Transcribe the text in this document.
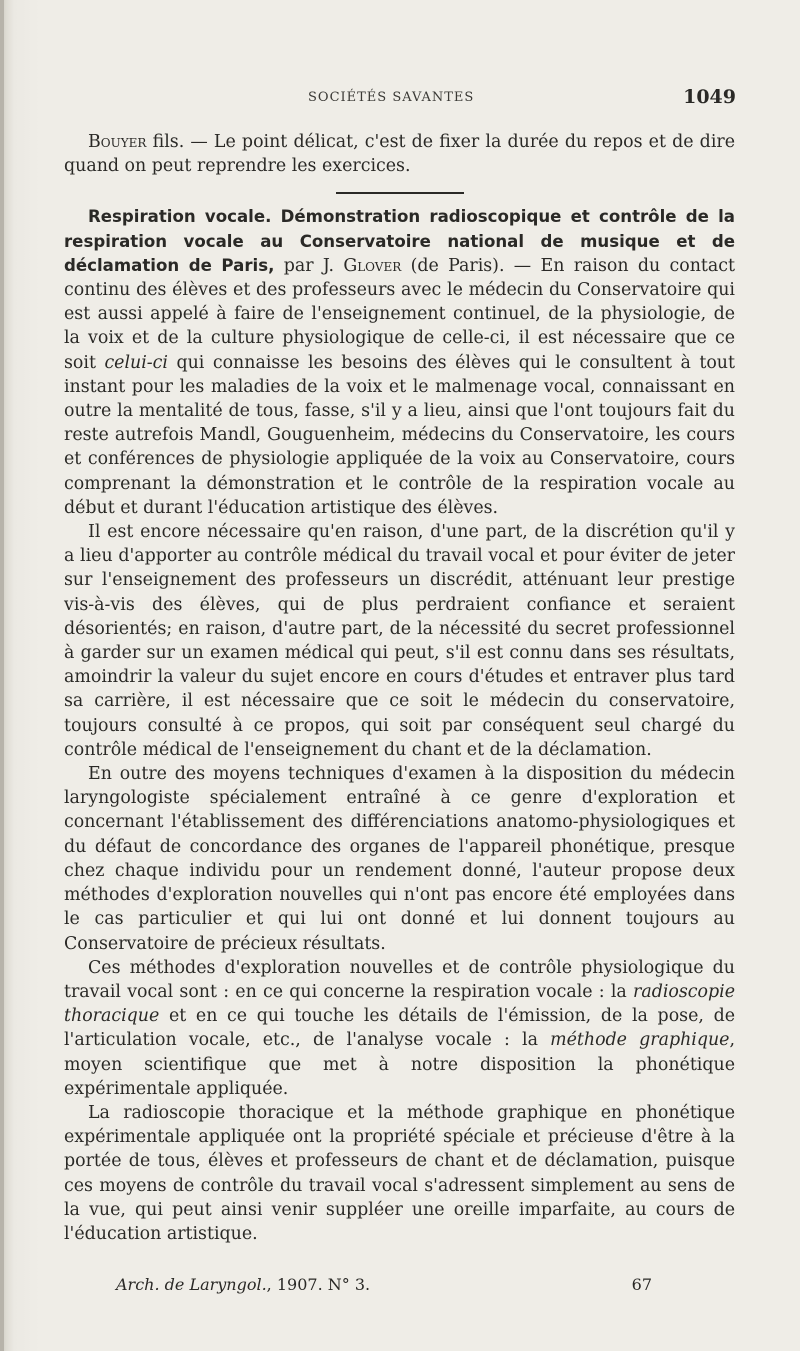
SOCIÉTÉS SAVANTES	1049

Bouyer fils. — Le point délicat, c'est de fixer la durée du repos et de dire quand on peut reprendre les exercices.

Respiration vocale. Démonstration radioscopique et contrôle de la respiration vocale au Conservatoire national de musique et de déclamation de Paris, par J. Glover (de Paris). — En raison du contact continu des élèves et des professeurs avec le médecin du Conservatoire qui est aussi appelé à faire de l'enseignement continuel, de la physiologie, de la voix et de la culture physiologique de celle-ci, il est nécessaire que ce soit celui-ci qui connaisse les besoins des élèves qui le consultent à tout instant pour les maladies de la voix et le malmenage vocal, connaissant en outre la mentalité de tous, fasse, s'il y a lieu, ainsi que l'ont toujours fait du reste autrefois Mandl, Gouguenheim, médecins du Conservatoire, les cours et conférences de physiologie appliquée de la voix au Conservatoire, cours comprenant la démonstration et le contrôle de la respiration vocale au début et durant l'éducation artistique des élèves.

Il est encore nécessaire qu'en raison, d'une part, de la discrétion qu'il y a lieu d'apporter au contrôle médical du travail vocal et pour éviter de jeter sur l'enseignement des professeurs un discrédit, atténuant leur prestige vis-à-vis des élèves, qui de plus perdraient confiance et seraient désorientés; en raison, d'autre part, de la nécessité du secret professionnel à garder sur un examen médical qui peut, s'il est connu dans ses résultats, amoindrir la valeur du sujet encore en cours d'études et entraver plus tard sa carrière, il est nécessaire que ce soit le médecin du conservatoire, toujours consulté à ce propos, qui soit par conséquent seul chargé du contrôle médical de l'enseignement du chant et de la déclamation.

En outre des moyens techniques d'examen à la disposition du médecin laryngologiste spécialement entraîné à ce genre d'exploration et concernant l'établissement des différenciations anatomo-physiologiques et du défaut de concordance des organes de l'appareil phonétique, presque chez chaque individu pour un rendement donné, l'auteur propose deux méthodes d'exploration nouvelles qui n'ont pas encore été employées dans le cas particulier et qui lui ont donné et lui donnent toujours au Conservatoire de précieux résultats.

Ces méthodes d'exploration nouvelles et de contrôle physiologique du travail vocal sont : en ce qui concerne la respiration vocale : la radioscopie thoracique et en ce qui touche les détails de l'émission, de la pose, de l'articulation vocale, etc., de l'analyse vocale : la méthode graphique, moyen scientifique que met à notre disposition la phonétique expérimentale appliquée.

La radioscopie thoracique et la méthode graphique en phonétique expérimentale appliquée ont la propriété spéciale et précieuse d'être à la portée de tous, élèves et professeurs de chant et de déclamation, puisque ces moyens de contrôle du travail vocal s'adressent simplement au sens de la vue, qui peut ainsi venir suppléer une oreille imparfaite, au cours de l'éducation artistique.

Arch. de Laryngol., 1907. N° 3.	67
